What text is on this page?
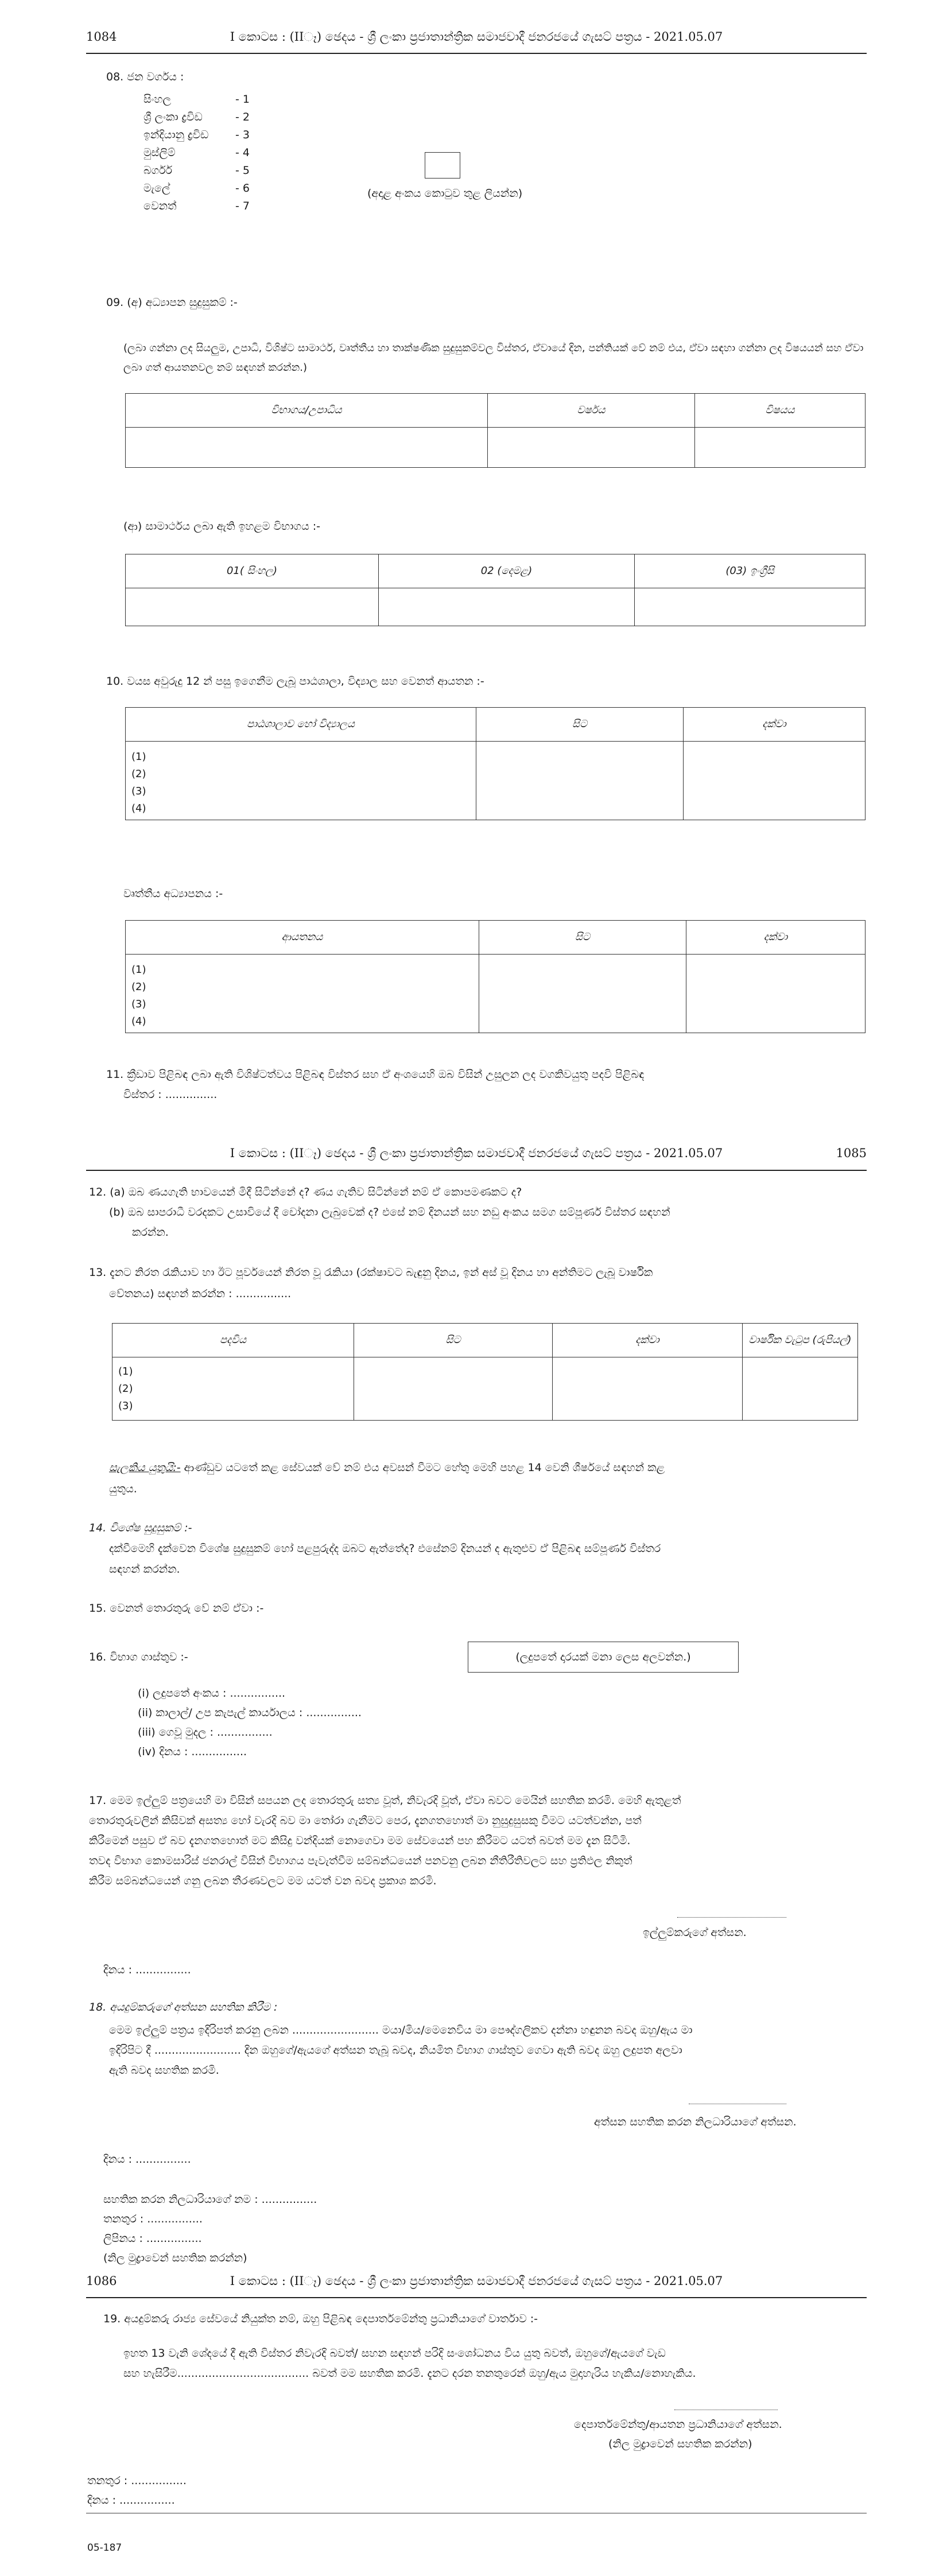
1084	I කොටස : (IIෑ) ඡෙදය - ශ්‍රී ලංකා ප්‍රජාතාන්ත්‍රික සමාජවාදී ජනරජයේ ගැසට් පත්‍රය - 2021.05.07
08. ජන වර්ගය :
සිංහල	- 1
ශ්‍රී ලංකා ද්‍රවිඩ	- 2
ඉන්දියානු ද්‍රවිඩ - 3
මුස්ලිම්	- 4
බර්ගර්	- 5
මැලේ	- 6
වෙනත්	- 7
(අදාළ අංකය කොටුව තුළ ලියන්න)
09. (අ) අධ්‍යාපන සුදුසුකම් :-
(ලබා ගන්නා ලද සියලුම, උපාධි, විශිෂ්ට සාමාර්ථ, වෘත්තීය හා තාක්ෂණික සුදුසුකම්වල විස්තර, ඒවායේ දින, පන්තියක් වේ නම් එය, ඒවා සඳහා ගන්නා ලද විෂයයන් සහ ඒවා ලබා ගත් ආයතනවල නම් සඳහන් කරන්න.)
විභාගය/උපාධිය	වර්ෂය	විෂයය

(ආ) සාමාර්ථය ලබා ඇති ඉහළම විභාගය :-
01( සිංහල)	02 (දෙමළ)	(03) ඉංග්‍රීසි

10. වයස අවුරුදු 12 න් පසු ඉගෙනීම ලැබූ පාඨශාලා, විද්‍යාල සහ වෙනත් ආයතන :-
පාඨශාලාව හෝ විද්‍යාලය	සිට	දක්වා

(1)
(2)
(3)
(4)		

වෘත්තීය අධ්‍යාපනය :-
ආයතනය	සිට	දක්වා

(1)
(2)
(3)
(4)		

11. ක්‍රීඩාව පිළිබඳ ලබා ඇති විශිෂ්ටත්වය පිළිබඳ විස්තර සහ ඒ අංශයෙහි ඔබ විසින් උසුලන ලද වගකිවයුතු පදවි පිළිබඳ
විස්තර : ...............
I කොටස : (IIෑ) ඡෙදය - ශ්‍රී ලංකා ප්‍රජාතාන්ත්‍රික සමාජවාදී ජනරජයේ ගැසට් පත්‍රය - 2021.05.07	1085
12. (a) ඔබ ණයගැති භාවයෙන් මිදී සිටින්නේ ද? ණය ගැතිව සිටින්නේ නම් ඒ කොපමණකට ද?
(b) ඔබ සාපරාධී වරදකට උසාවියේ දී චෝදනා ලැබුවෙක් ද? එසේ නම් දිනයන් සහ නඩු අංකය සමග සම්පූර්ණ විස්තර සඳහන්
කරන්න.
13. දැනට නිරත රැකියාව හා ඊට පූර්වයෙන් නිරත වූ රැකියා (රක්ෂාවට බැඳුනු දිනය, ඉන් අස් වූ දිනය හා අන්තිමට ලැබූ වාර්ෂික
වේතනය) සඳහන් කරන්න : ................
පදවිය	සිට	දක්වා	වාර්ෂික වැටුප (රුපියල්)

(1)
(2)
(3)			

සැලකිය යුතුයි:- ආණ්ඩුව යටතේ කළ සේවයක් වේ නම් එය අවසන් වීමට හේතු මෙහි පහළ 14 වෙනි ශීර්ෂයේ සඳහන් කළ
යුතුය.
14. විශේෂ සුදුසුකම් :-
දක්වීමෙහි දැක්වෙන විශේෂ සුදුසුකම් හෝ පළපුරුද්ද ඔබට ඇත්තේද? එසේනම් දිනයන් ද ඇතුළුව ඒ පිළිබඳ සම්පූර්ණ විස්තර
සඳහන් කරන්න.
15. වෙනත් තොරතුරු වේ නම් ඒවා :-
16. විභාග ගාස්තුව :-	(ලදුපතේ දාරයක් මනා ලෙස අලවන්න.)
(i) ලදුපතේ අංකය : ................
(ii) කාලාල්/ උප කැපැල් කාර්යාලය : ................
(iii) ගෙවූ මුදල : ................
(iv) දිනය : ................
17. මෙම ඉල්ලුම් පත්‍රයෙහි මා විසින් සපයන ලද තොරතුරු සත්‍ය වූත්, නිවැරදි වූත්, ඒවා බවට මෙයින් සහතික කරමි. මෙහි ඇතුළත්
තොරතුරුවලින් කිසිවක් අසත්‍ය හෝ වැරදි බව මා තෝරා ගැනීමට පෙර, දැනගතහොත් මා නුසුදුසුසකු වීමට යටත්වන්න, පත්
කිරීමෙන් පසුව ඒ බව දැනගතහොත් මට කිසිදු වන්දියක් නොගෙවා මම සේවයෙන් පහ කිරීමට යටත් බවත් මම දැන සිටිමි.
තවද විභාග කොමසාරිස් ජනරාල් විසින් විභාගය පැවැත්වීම සම්බන්ධයෙන් පනවනු ලබන නීතිරීතිවලට සහ ප්‍රතිඵල නිකුත්
කිරීම සම්බන්ධයෙන් ගනු ලබන තීරණවලට මම යටත් වන බවද ප්‍රකාශ කරමි.
ඉල්ලුම්කරුගේ අත්සන.
දිනය : ................
18. අයදුම්කරුගේ අත්සන සහතික කිරීම :
මෙම ඉල්ලුම් පත්‍රය ඉදිරිපත් කරනු ලබන ......................... මයා/මිය/මෙනෙවිය මා පෞද්ගලිකව දන්නා හඳුනන බවද ඔහු/ඇය මා
ඉදිරිපිට දී ......................... දින ඔහුගේ/ඇයගේ අත්සන තැබූ බවද, නියමිත විභාග ගාස්තුව ගෙවා ඇති බවද ඔහු ලදුපත අලවා
ඇති බවද සහතික කරමි.
අත්සන සහතික කරන නිලධාරියාගේ අත්සන.
දිනය : ................
සහතික කරන නිලධාරියාගේ නම : ................
තනතුර : ................
ලිපිනය : ................
(නිල මුද්‍රාවෙන් සහතික කරන්න)
1086	I කොටස : (IIෑ) ඡෙදය - ශ්‍රී ලංකා ප්‍රජාතාන්ත්‍රික සමාජවාදී ජනරජයේ ගැසට් පත්‍රය - 2021.05.07
19. අයදුම්කරු රාජ්‍ය සේවයේ නියුක්ත නම්, ඔහු පිළිබඳ දෙපාර්තමේන්තු ප්‍රධානියාගේ වාර්තාව :-
ඉහත 13 වැනි ශේදයේ දී ඇති විස්තර නිවැරදි බවත්/ සහන සඳහන් පරිදි සංශෝධනය විය යුතු බවත්, ඔහුගේ/ඇයගේ වැඩ
සහ හැසිරීම...................................... බවත් මම සහතික කරමි. දැනට දරන තනතුරෙන් ඔහු/ඇය මුදාහැරිය හැකිය/නොහැකිය.
දෙපාර්තමේන්තු/ආයතන ප්‍රධානියාගේ අත්සන.
(නිල මුද්‍රාවෙන් සහතික කරන්න)
තනතුර : ................
දිනය : ................
05-187
